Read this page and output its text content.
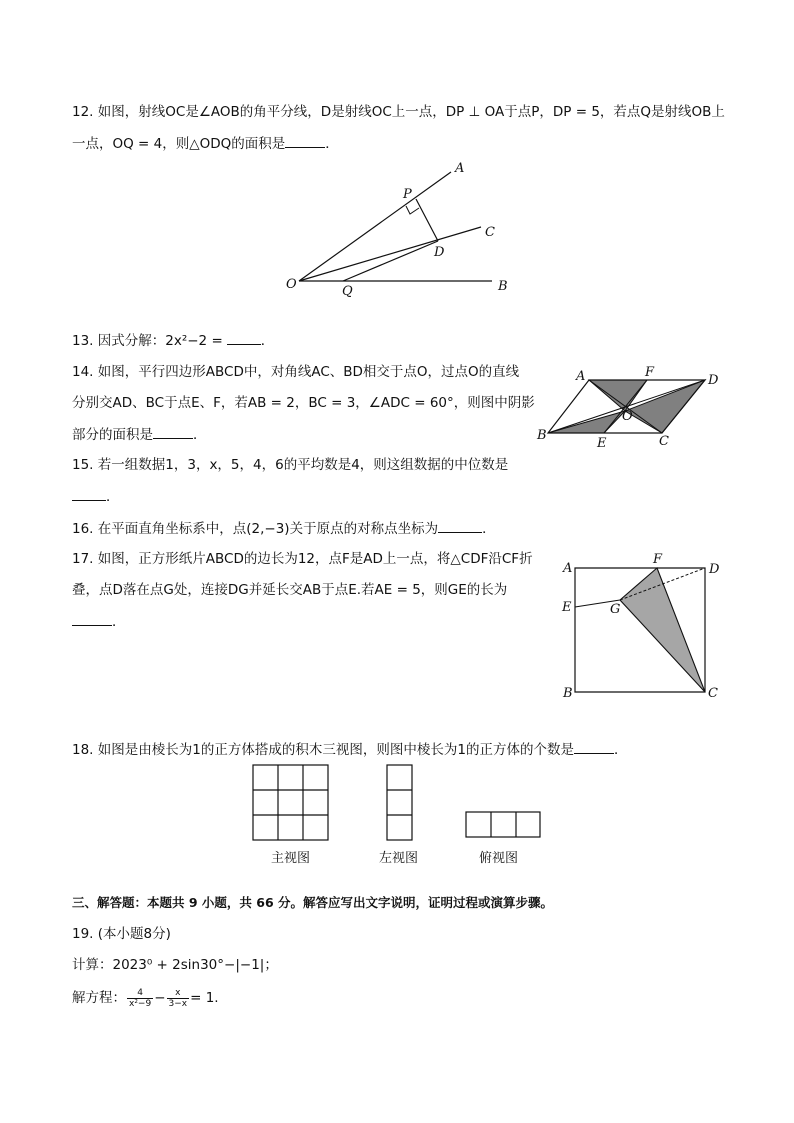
12. 如图，射线OC是∠AOB的角平分线，D是射线OC上一点，DP ⊥ OA于点P，DP = 5，若点Q是射线OB上
一点，OQ = 4，则△ODQ的面积是	．
A
P
C
D
O	Q	B
13. 因式分解：2x²−2 =	．
14. 如图，平行四边形ABCD中，对角线AC、BD相交于点O，过点O的直线
分别交AD、BC于点E、F，若AB = 2，BC = 3，∠ADC = 60°，则图中阴影
部分的面积是	．
A	F
D
O
B
E	C
15. 若一组数据1，3，x，5，4，6的平均数是4，则这组数据的中位数是
．
16. 在平面直角坐标系中，点(2,−3)关于原点的对称点坐标为	．
17. 如图，正方形纸片ABCD的边长为12，点F是AD上一点，将△CDF沿CF折
叠，点D落在点G处，连接DG并延长交AB于点E.若AE = 5，则GE的长为
．
A
F
D
E	G
B	C
18. 如图是由棱长为1的正方体搭成的积木三视图，则图中棱长为1的正方体的个数是	．
主视图	左视图	俯视图
三、解答题：本题共 9 小题，共 66 分。解答应写出文字说明，证明过程或演算步骤。
19. (本小题8分)
计算：2023⁰ + 2sin30°−|−1|；
解方程： $\frac{4}{\text{x²−9}} - \frac{x}{3-x} = 1$.
